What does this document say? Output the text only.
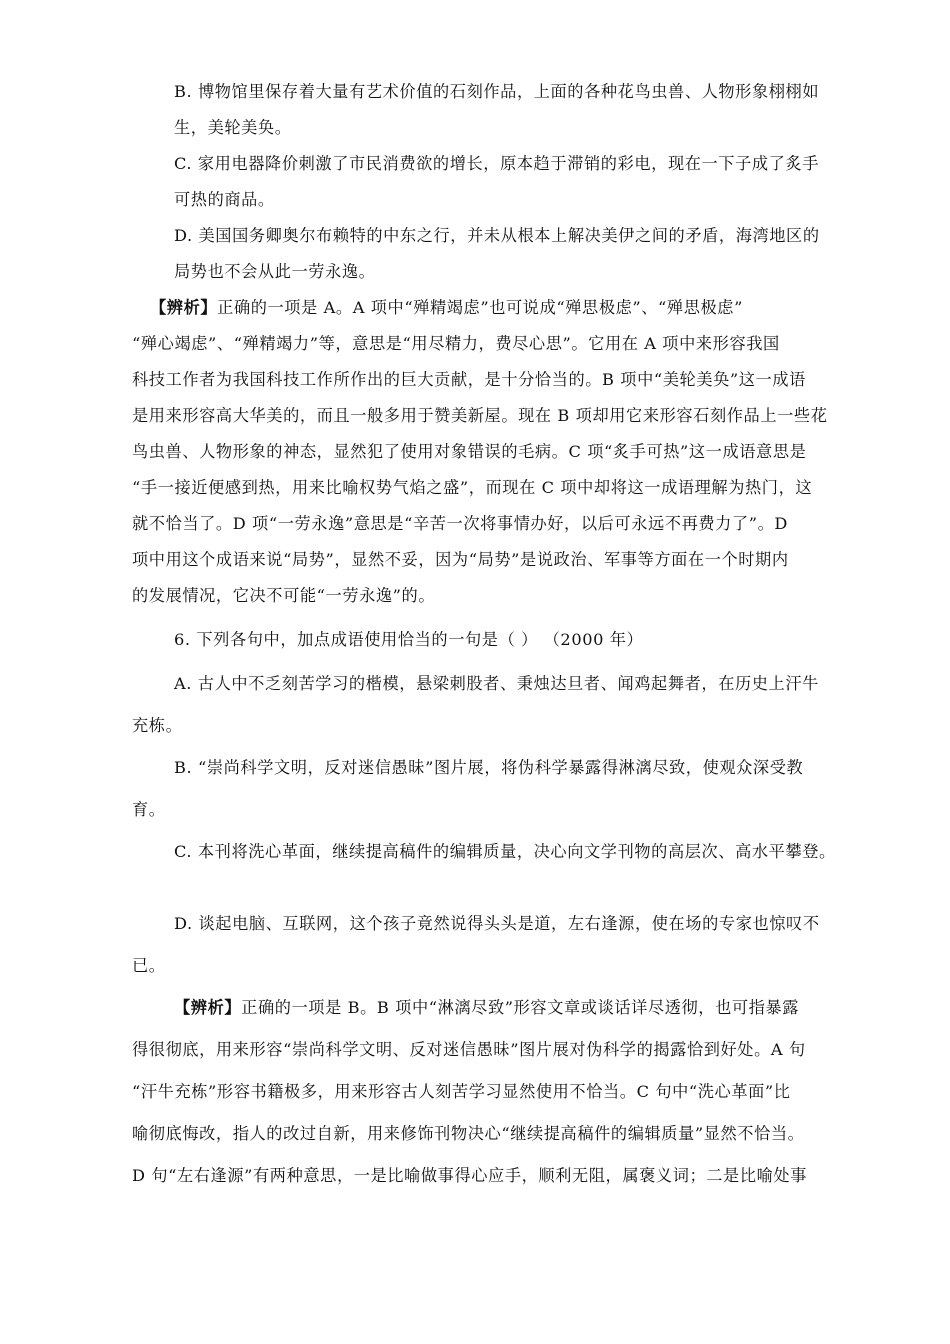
B. 博物馆里保存着大量有艺术价值的石刻作品，上面的各种花鸟虫兽、人物形象栩栩如
生，美轮美奂。
C. 家用电器降价刺激了市民消费欲的增长，原本趋于滞销的彩电，现在一下子成了炙手
可热的商品。
D. 美国国务卿奥尔布赖特的中东之行，并未从根本上解决美伊之间的矛盾，海湾地区的
局势也不会从此一劳永逸。
【辨析】正确的一项是 A。A 项中“殚精竭虑”也可说成“殚思极虑”、“殚思极虑”
“殚心竭虑”、“殚精竭力”等，意思是“用尽精力，费尽心思”。它用在 A 项中来形容我国
科技工作者为我国科技工作所作出的巨大贡献，是十分恰当的。B 项中“美轮美奂”这一成语
是用来形容高大华美的，而且一般多用于赞美新屋。现在 B 项却用它来形容石刻作品上一些花
鸟虫兽、人物形象的神态，显然犯了使用对象错误的毛病。C 项“炙手可热”这一成语意思是
“手一接近便感到热，用来比喻权势气焰之盛”，而现在 C 项中却将这一成语理解为热门，这
就不恰当了。D 项“一劳永逸”意思是“辛苦一次将事情办好，以后可永远不再费力了”。D
项中用这个成语来说“局势”，显然不妥，因为“局势”是说政治、军事等方面在一个时期内
的发展情况，它决不可能“一劳永逸”的。
6. 下列各句中，加点成语使用恰当的一句是（ ） （2000 年）
A. 古人中不乏刻苦学习的楷模，悬梁刺股者、秉烛达旦者、闻鸡起舞者，在历史上汗牛
充栋。
B. “崇尚科学文明，反对迷信愚昧”图片展，将伪科学暴露得淋漓尽致，使观众深受教
育。
C. 本刊将洗心革面，继续提高稿件的编辑质量，决心向文学刊物的高层次、高水平攀登。
D. 谈起电脑、互联网，这个孩子竟然说得头头是道，左右逢源，使在场的专家也惊叹不
已。
【辨析】正确的一项是 B。B 项中“淋漓尽致”形容文章或谈话详尽透彻，也可指暴露
得很彻底，用来形容“崇尚科学文明、反对迷信愚昧”图片展对伪科学的揭露恰到好处。A 句
“汗牛充栋”形容书籍极多，用来形容古人刻苦学习显然使用不恰当。C 句中“洗心革面”比
喻彻底悔改，指人的改过自新，用来修饰刊物决心“继续提高稿件的编辑质量”显然不恰当。
D 句“左右逢源”有两种意思，一是比喻做事得心应手，顺利无阻，属褒义词；二是比喻处事
